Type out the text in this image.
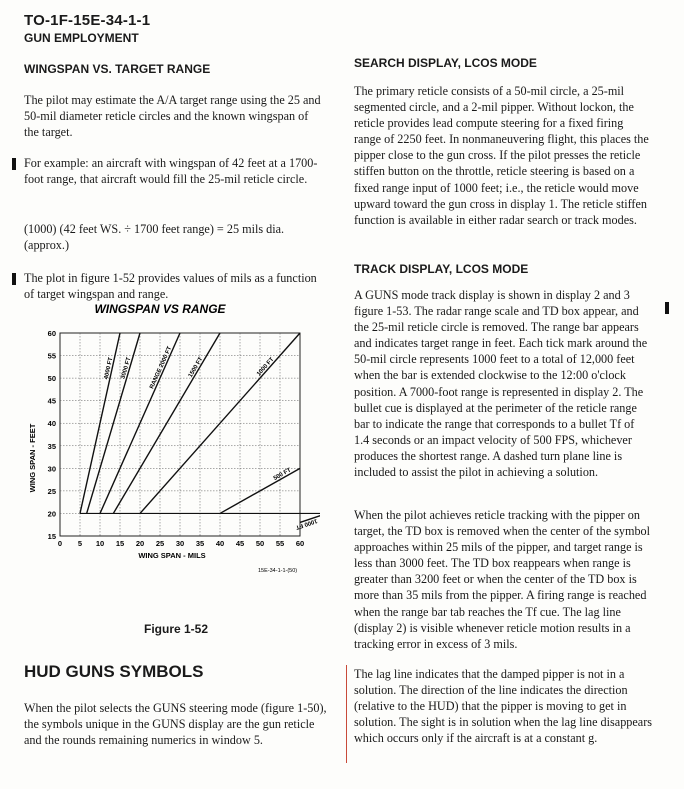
TO-1F-15E-34-1-1
GUN EMPLOYMENT
WINGSPAN VS. TARGET RANGE

The pilot may estimate the A/A target range using the 25 and 50-mil diameter reticle circles and the known wingspan of the target.

For example: an aircraft with wingspan of 42 feet at a 1700-foot range, that aircraft would fill the 25-mil reticle circle.

(1000) (42 feet WS. ÷ 1700 feet range) = 25 mils dia. (approx.)

The plot in figure 1-52 provides values of mils as a function of target wingspan and range.

WINGSPAN VS RANGE
4000 FT 3000 FT	RANGE 2000 FT 1500 FT	1000 FT
500 FT
1000 FT
0 5 10 15 20 25 30 35 40 45 50 55 60
15
20
25
30
35
40
45
50
55
60
WING SPAN - MILS
WING SPAN - FEET
15E-34-1-1-(50)
Figure 1-52
HUD GUNS SYMBOLS

When the pilot selects the GUNS steering mode (figure 1-50), the symbols unique in the GUNS display are the gun reticle and the rounds remaining numerics in window 5.

SEARCH DISPLAY, LCOS MODE

The primary reticle consists of a 50-mil circle, a 25-mil segmented circle, and a 2-mil pipper. Without lockon, the reticle provides lead compute steering for a fixed firing range of 2250 feet. In nonmaneuvering flight, this places the pipper close to the gun cross. If the pilot presses the reticle stiffen button on the throttle, reticle steering is based on a fixed range input of 1000 feet; i.e., the reticle would move upward toward the gun cross in display 1. The reticle stiffen function is available in either radar search or track modes.

TRACK DISPLAY, LCOS MODE

A GUNS mode track display is shown in display 2 and 3 figure 1-53. The radar range scale and TD box appear, and the 25-mil reticle circle is removed. The range bar appears and indicates target range in feet. Each tick mark around the 50-mil circle represents 1000 feet to a total of 12,000 feet when the bar is extended clockwise to the 12:00 o'clock position. A 7000-foot range is represented in display 2. The bullet cue is displayed at the perimeter of the reticle range bar to indicate the range that corresponds to a bullet Tf of 1.4 seconds or an impact velocity of 500 FPS, whichever produces the shortest range. A dashed turn plane line is included to assist the pilot in achieving a solution.

When the pilot achieves reticle tracking with the pipper on target, the TD box is removed when the center of the symbol approaches within 25 mils of the pipper, and target range is less than 3000 feet. The TD box reappears when range is greater than 3200 feet or when the center of the TD box is more than 35 mils from the pipper. A firing range is reached when the range bar tab reaches the Tf cue. The lag line (display 2) is visible whenever reticle motion results in a tracking error in excess of 3 mils.

The lag line indicates that the damped pipper is not in a solution. The direction of the line indicates the direction (relative to the HUD) that the pipper is moving to get in solution. The sight is in solution when the lag line disappears which occurs only if the aircraft is at a constant g.
